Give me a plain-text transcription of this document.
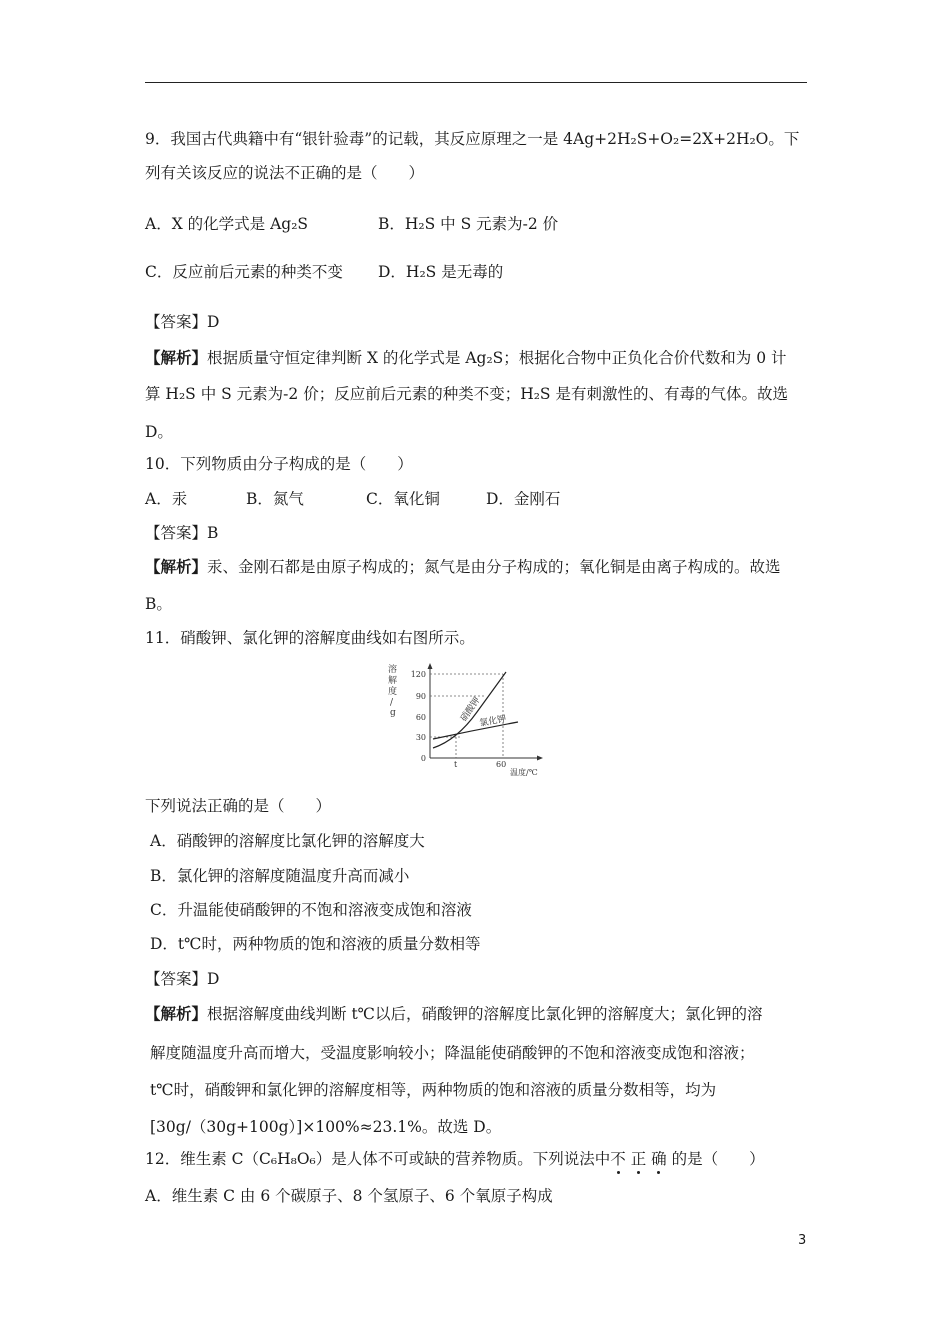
9．我国古代典籍中有“银针验毒”的记载，其反应原理之一是 4Ag+2H₂S+O₂=2X+2H₂O。下
列有关该反应的说法不正确的是（　　）
A．X 的化学式是 Ag₂S	B．H₂S 中 S 元素为-2 价
C．反应前后元素的种类不变 D．H₂S 是无毒的
【答案】D
【解析】根据质量守恒定律判断 X 的化学式是 Ag₂S；根据化合物中正负化合价代数和为 0 计
算 H₂S 中 S 元素为-2 价；反应前后元素的种类不变；H₂S 是有刺激性的、有毒的气体。故选
D。
10．下列物质由分子构成的是（　　）
A．汞	B．氮气	C．氧化铜	D．金刚石
【答案】B
【解析】汞、金刚石都是由原子构成的；氮气是由分子构成的；氧化铜是由离子构成的。故选
B。
11．硝酸钾、氯化钾的溶解度曲线如右图所示。
溶
解
度
/
g
120
90
60
30
0
硝酸钾
氯化钾
t	60
温度/℃
下列说法正确的是（　　）
A．硝酸钾的溶解度比氯化钾的溶解度大
B．氯化钾的溶解度随温度升高而减小
C．升温能使硝酸钾的不饱和溶液变成饱和溶液
D．t℃时，两种物质的饱和溶液的质量分数相等
【答案】D
【解析】根据溶解度曲线判断 t℃以后，硝酸钾的溶解度比氯化钾的溶解度大；氯化钾的溶
解度随温度升高而增大，受温度影响较小；降温能使硝酸钾的不饱和溶液变成饱和溶液；
t℃时，硝酸钾和氯化钾的溶解度相等，两种物质的饱和溶液的质量分数相等，均为
[30g/（30g+100g）]×100%≈23.1%。故选 D。
12．维生素 C（C₆H₈O₆）是人体不可或缺的营养物质。下列说法中不 正 确 的是（　　）
A．维生素 C 由 6 个碳原子、8 个氢原子、6 个氧原子构成
3
